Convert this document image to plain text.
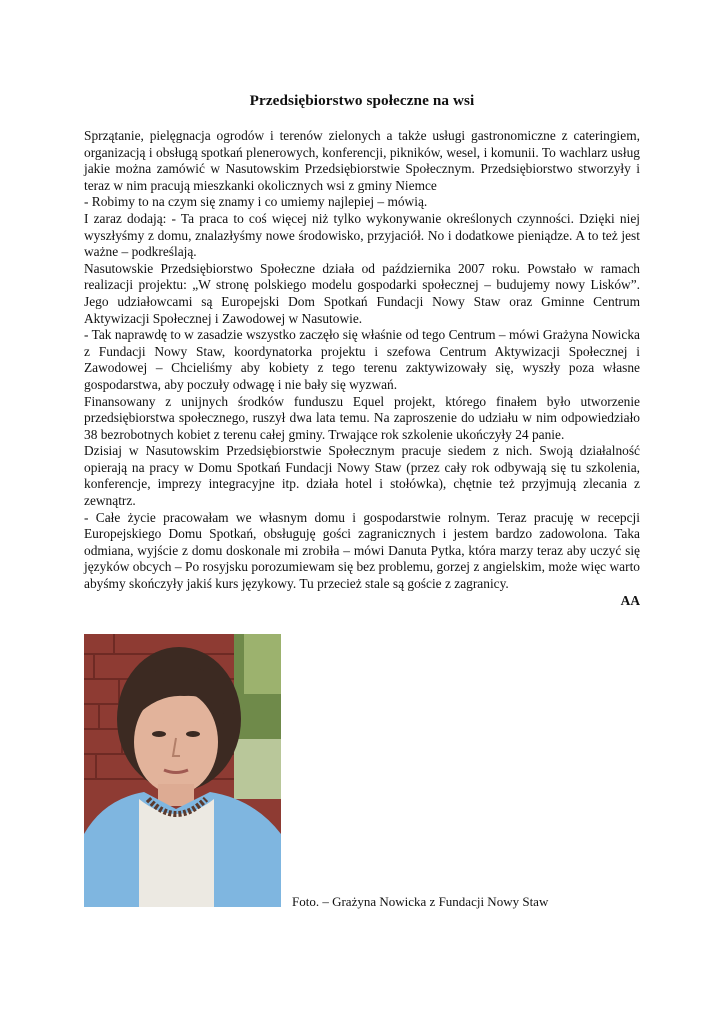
Przedsiębiorstwo społeczne na wsi

Sprzątanie, pielęgnacja ogrodów i terenów zielonych a także usługi gastronomiczne z cateringiem, organizacją i obsługą spotkań plenerowych, konferencji, pikników, wesel, i komunii. To wachlarz usług jakie można zamówić w Nasutowskim Przedsiębiorstwie Społecznym. Przedsiębiorstwo stworzyły i teraz w nim pracują mieszkanki okolicznych wsi z gminy Niemce

- Robimy to na czym się znamy i co umiemy najlepiej – mówią.

I zaraz dodają: - Ta praca to coś więcej niż tylko wykonywanie określonych czynności. Dzięki niej wyszłyśmy z domu, znalazłyśmy nowe środowisko, przyjaciół. No i dodatkowe pieniądze. A to też jest ważne – podkreślają.

Nasutowskie Przedsiębiorstwo Społeczne działa od października 2007 roku. Powstało w ramach realizacji projektu: „W stronę polskiego modelu gospodarki społecznej – budujemy nowy Lisków”. Jego udziałowcami są Europejski Dom Spotkań Fundacji Nowy Staw oraz Gminne Centrum Aktywizacji Społecznej i Zawodowej w Nasutowie.

- Tak naprawdę to w zasadzie wszystko zaczęło się właśnie od tego Centrum – mówi Grażyna Nowicka z Fundacji Nowy Staw, koordynatorka projektu i szefowa Centrum Aktywizacji Społecznej i Zawodowej – Chcieliśmy aby kobiety z tego terenu zaktywizowały się, wyszły poza własne gospodarstwa, aby poczuły odwagę i nie bały się wyzwań.

Finansowany z unijnych środków funduszu Equel projekt, którego finałem było utworzenie przedsiębiorstwa społecznego, ruszył dwa lata temu. Na zaproszenie do udziału w nim odpowiedziało 38 bezrobotnych kobiet z terenu całej gminy. Trwające rok szkolenie ukończyły 24 panie.

Dzisiaj w Nasutowskim Przedsiębiorstwie Społecznym pracuje siedem z nich. Swoją działalność opierają na pracy w Domu Spotkań Fundacji Nowy Staw (przez cały rok odbywają się tu szkolenia, konferencje, imprezy integracyjne itp. działa hotel i stołówka), chętnie też przyjmują zlecania z zewnątrz.

- Całe życie pracowałam we własnym domu i gospodarstwie rolnym. Teraz pracuję w recepcji Europejskiego Domu Spotkań, obsługuję gości zagranicznych i jestem bardzo zadowolona. Taka odmiana, wyjście z domu doskonale mi zrobiła – mówi Danuta Pytka, która marzy teraz aby uczyć się języków obcych – Po rosyjsku porozumiewam się bez problemu, gorzej z angielskim, może więc warto abyśmy skończyły jakiś kurs językowy. Tu przecież stale są goście z zagranicy.

AA
Foto. – Grażyna Nowicka z Fundacji Nowy Staw
